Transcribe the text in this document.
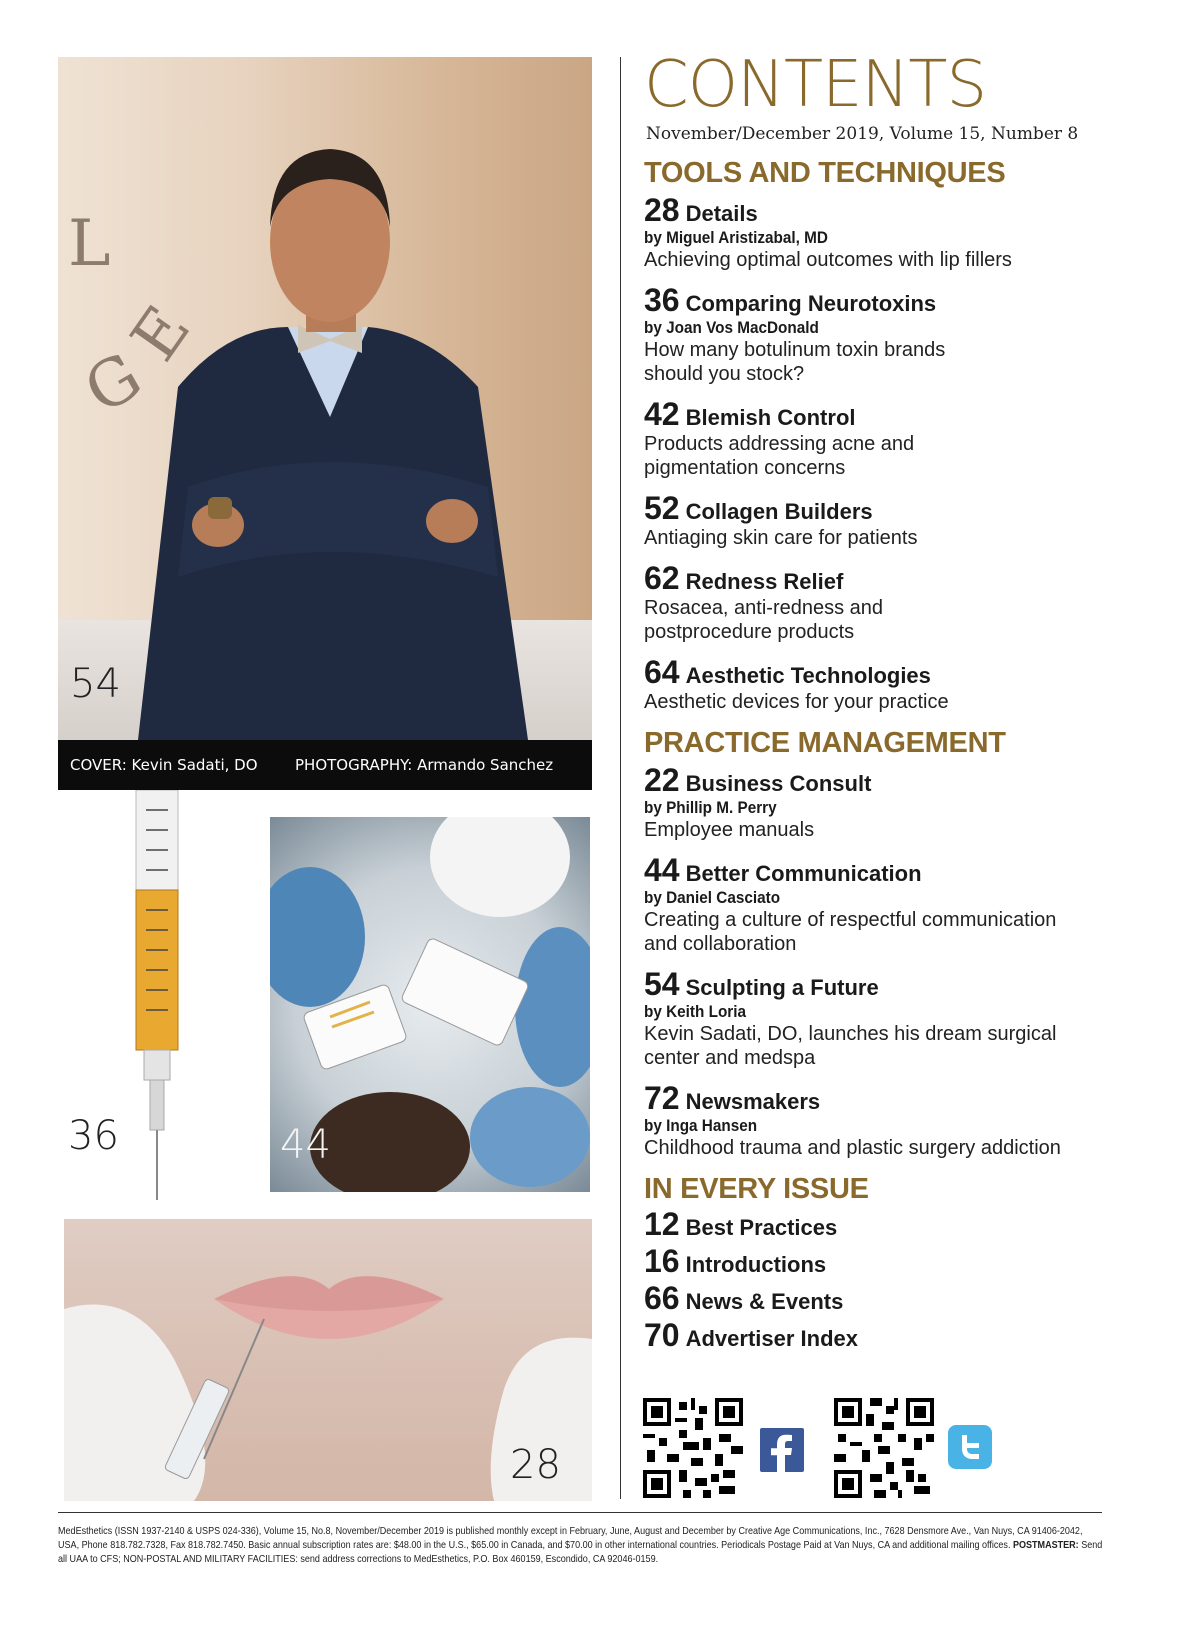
L
G
E
54
COVER: Kevin Sadati, DO PHOTOGRAPHY: Armando Sanchez
36	44
28
CONTENTS
November/December 2019, Volume 15, Number 8
TOOLS AND TECHNIQUES
28 Details
by Miguel Aristizabal, MD
Achieving optimal outcomes with lip fillers
36 Comparing Neurotoxins
by Joan Vos MacDonald
How many botulinum toxin brands should you stock?
42 Blemish Control
Products addressing acne and pigmentation concerns
52 Collagen Builders
Antiaging skin care for patients
62 Redness Relief
Rosacea, anti-redness and postprocedure products
64 Aesthetic Technologies
Aesthetic devices for your practice
PRACTICE MANAGEMENT
22 Business Consult
by Phillip M. Perry
Employee manuals
44 Better Communication
by Daniel Casciato
Creating a culture of respectful communication and collaboration
54 Sculpting a Future
by Keith Loria
Kevin Sadati, DO, launches his dream surgical center and medspa
72 Newsmakers
by Inga Hansen
Childhood trauma and plastic surgery addiction
IN EVERY ISSUE
12 Best Practices
16 Introductions
66 News & Events
70 Advertiser Index
MedEsthetics (ISSN 1937-2140 & USPS 024-336), Volume 15, No.8, November/December 2019 is published monthly except in February, June, August and December by Creative Age Communications, Inc., 7628 Densmore Ave., Van Nuys, CA 91406-2042, USA, Phone 818.782.7328, Fax 818.782.7450. Basic annual subscription rates are: $48.00 in the U.S., $65.00 in Canada, and $70.00 in other international countries. Periodicals Postage Paid at Van Nuys, CA and additional mailing offices. POSTMASTER: Send all UAA to CFS; NON-POSTAL AND MILITARY FACILITIES: send address corrections to MedEsthetics, P.O. Box 460159, Escondido, CA 92046-0159.
